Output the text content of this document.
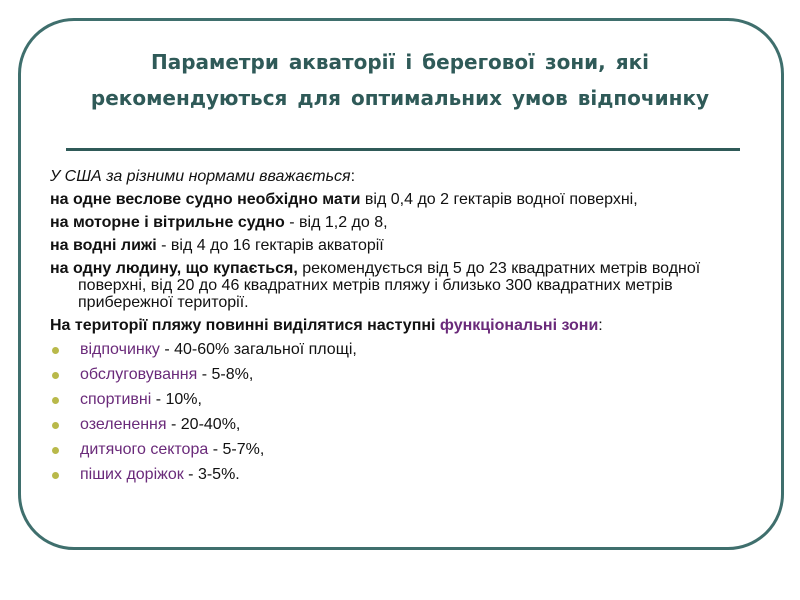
Параметри акваторії і берегової зони, які
рекомендуються для оптимальних умов відпочинку
У США за різними нормами вважається:
на одне веслове судно необхідно мати від 0,4 до 2 гектарів водної поверхні,
на моторне і вітрильне судно - від 1,2 до 8,
на водні лижі - від 4 до 16 гектарів акваторії
на одну людину, що купається, рекомендується від 5 до 23 квадратних метрів водної поверхні, від 20 до 46 квадратних метрів пляжу і близько 300 квадратних метрів прибережної території.
На території пляжу повинні виділятися наступні функціональні зони:
відпочинку - 40-60% загальної площі,
обслуговування - 5-8%,
спортивні - 10%,
озеленення - 20-40%,
дитячого сектора - 5-7%,
піших доріжок - 3-5%.
